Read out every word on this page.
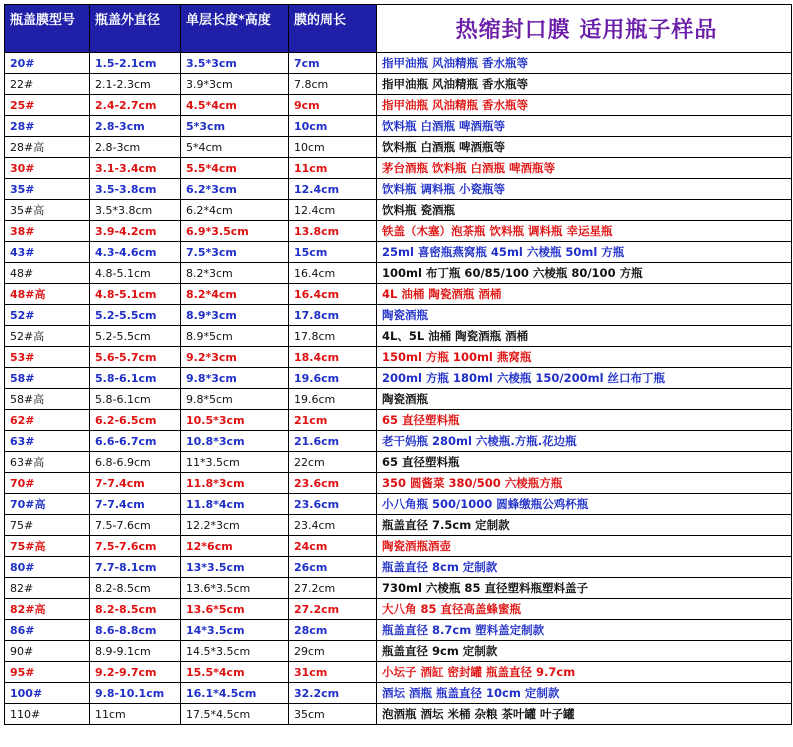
瓶盖膜型号	瓶盖外直径	单层长度*高度	膜的周长	热缩封口膜 适用瓶子样品
20#	1.5-2.1cm	3.5*3cm	7cm	指甲油瓶 风油精瓶 香水瓶等
22#	2.1-2.3cm	3.9*3cm	7.8cm	指甲油瓶 风油精瓶 香水瓶等
25#	2.4-2.7cm	4.5*4cm	9cm	指甲油瓶 风油精瓶 香水瓶等
28#	2.8-3cm	5*3cm	10cm	饮料瓶 白酒瓶 啤酒瓶等
28#高	2.8-3cm	5*4cm	10cm	饮料瓶 白酒瓶 啤酒瓶等
30#	3.1-3.4cm	5.5*4cm	11cm	茅台酒瓶 饮料瓶 白酒瓶 啤酒瓶等
35#	3.5-3.8cm	6.2*3cm	12.4cm	饮料瓶 调料瓶 小瓷瓶等
35#高	3.5*3.8cm	6.2*4cm	12.4cm	饮料瓶 瓷酒瓶
38#	3.9-4.2cm	6.9*3.5cm	13.8cm	铁盖（木塞）泡茶瓶 饮料瓶 调料瓶 幸运星瓶
43#	4.3-4.6cm	7.5*3cm	15cm	25ml 喜密瓶燕窝瓶 45ml 六棱瓶 50ml 方瓶
48#	4.8-5.1cm	8.2*3cm	16.4cm	100ml 布丁瓶 60/85/100 六棱瓶 80/100 方瓶
48#高	4.8-5.1cm	8.2*4cm	16.4cm	4L 油桶 陶瓷酒瓶 酒桶
52#	5.2-5.5cm	8.9*3cm	17.8cm	陶瓷酒瓶
52#高	5.2-5.5cm	8.9*5cm	17.8cm	4L、5L 油桶 陶瓷酒瓶 酒桶
53#	5.6-5.7cm	9.2*3cm	18.4cm	150ml 方瓶 100ml 燕窝瓶
58#	5.8-6.1cm	9.8*3cm	19.6cm	200ml 方瓶 180ml 六棱瓶 150/200ml 丝口布丁瓶
58#高	5.8-6.1cm	9.8*5cm	19.6cm	陶瓷酒瓶
62#	6.2-6.5cm	10.5*3cm	21cm	65 直径塑料瓶
63#	6.6-6.7cm	10.8*3cm	21.6cm	老干妈瓶 280ml 六棱瓶.方瓶.花边瓶
63#高	6.8-6.9cm	11*3.5cm	22cm	65 直径塑料瓶
70#	7-7.4cm	11.8*3cm	23.6cm	350 圆酱菜 380/500 六棱瓶方瓶
70#高	7-7.4cm	11.8*4cm	23.6cm	小八角瓶 500/1000 圆蜂缴瓶公鸡杯瓶
75#	7.5-7.6cm	12.2*3cm	23.4cm	瓶盖直径 7.5cm 定制款
75#高	7.5-7.6cm	12*6cm	24cm	陶瓷酒瓶酒壶
80#	7.7-8.1cm	13*3.5cm	26cm	瓶盖直径 8cm 定制款
82#	8.2-8.5cm	13.6*3.5cm	27.2cm	730ml 六棱瓶 85 直径塑料瓶塑料盖子
82#高	8.2-8.5cm	13.6*5cm	27.2cm	大八角 85 直径高盖蜂蜜瓶
86#	8.6-8.8cm	14*3.5cm	28cm	瓶盖直径 8.7cm 塑料盖定制款
90#	8.9-9.1cm	14.5*3.5cm	29cm	瓶盖直径 9cm 定制款
95#	9.2-9.7cm	15.5*4cm	31cm	小坛子 酒缸 密封罐 瓶盖直径 9.7cm
100#	9.8-10.1cm	16.1*4.5cm	32.2cm	酒坛 酒瓶 瓶盖直径 10cm 定制款
110#	11cm	17.5*4.5cm	35cm	泡酒瓶 酒坛 米桶 杂粮 茶叶罐 叶子罐
